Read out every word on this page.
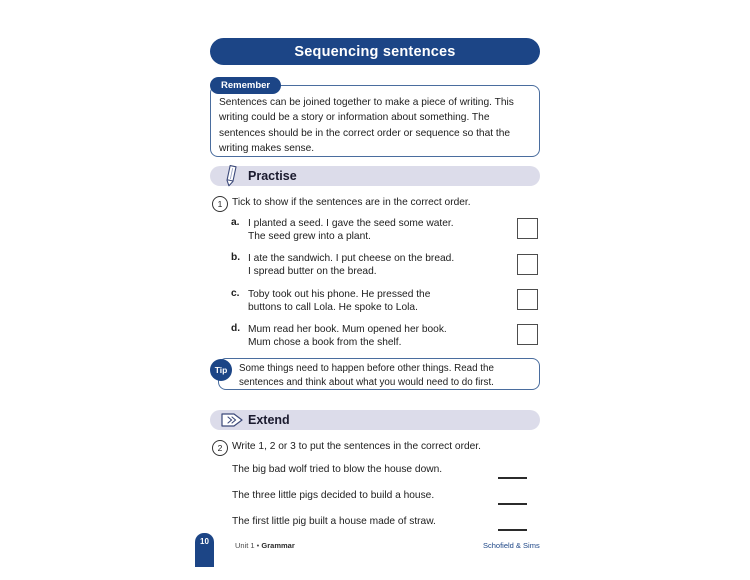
Sequencing sentences
Remember
Sentences can be joined together to make a piece of writing. This writing could be a story or information about something. The sentences should be in the correct order or sequence so that the writing makes sense.
Practise
1 Tick to show if the sentences are in the correct order.
a. I planted a seed. I gave the seed some water.
The seed grew into a plant.
b. I ate the sandwich. I put cheese on the bread.
I spread butter on the bread.
c. Toby took out his phone. He pressed the
buttons to call Lola. He spoke to Lola.
d. Mum read her book. Mum opened her book.
Mum chose a book from the shelf.
Tip Some things need to happen before other things. Read the sentences and think about what you would need to do first.
Extend
2 Write 1, 2 or 3 to put the sentences in the correct order.
The big bad wolf tried to blow the house down.
The three little pigs decided to build a house.
The first little pig built a house made of straw.
10	Unit 1 • Grammar	Schofield & Sims
